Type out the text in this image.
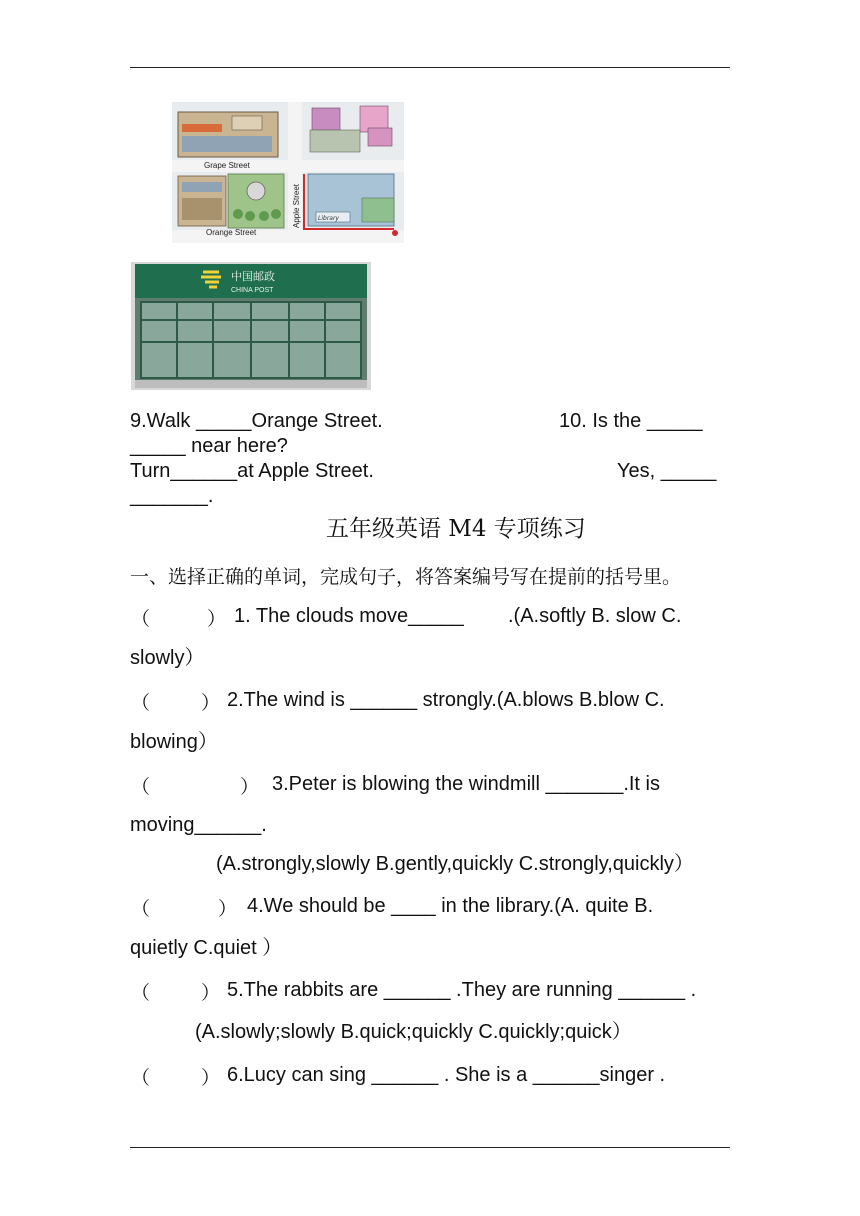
Library
Grape Street
Orange Street
Apple Street
中国邮政
CHINA POST
9.Walk _____Orange Street.	10. Is the _____
_____ near here?
Turn______at Apple Street.	Yes, _____
_______.
五年级英语 M4 专项练习
一、选择正确的单词，完成句子，将答案编号写在提前的括号里。
（	） 1. The clouds move_____ .(A.softly B. slow C.
slowly）
（	） 2.The wind is ______ strongly.(A.blows B.blow C.
blowing）
（	） 3.Peter is blowing the windmill _______.It is
moving______.
(A.strongly,slowly B.gently,quickly C.strongly,quickly）
（	） 4.We should be ____ in the library.(A. quite B.
quietly C.quiet ）
（	） 5.The rabbits are ______ .They are running ______ .
(A.slowly;slowly B.quick;quickly C.quickly;quick）
（	） 6.Lucy can sing ______ . She is a ______singer .
